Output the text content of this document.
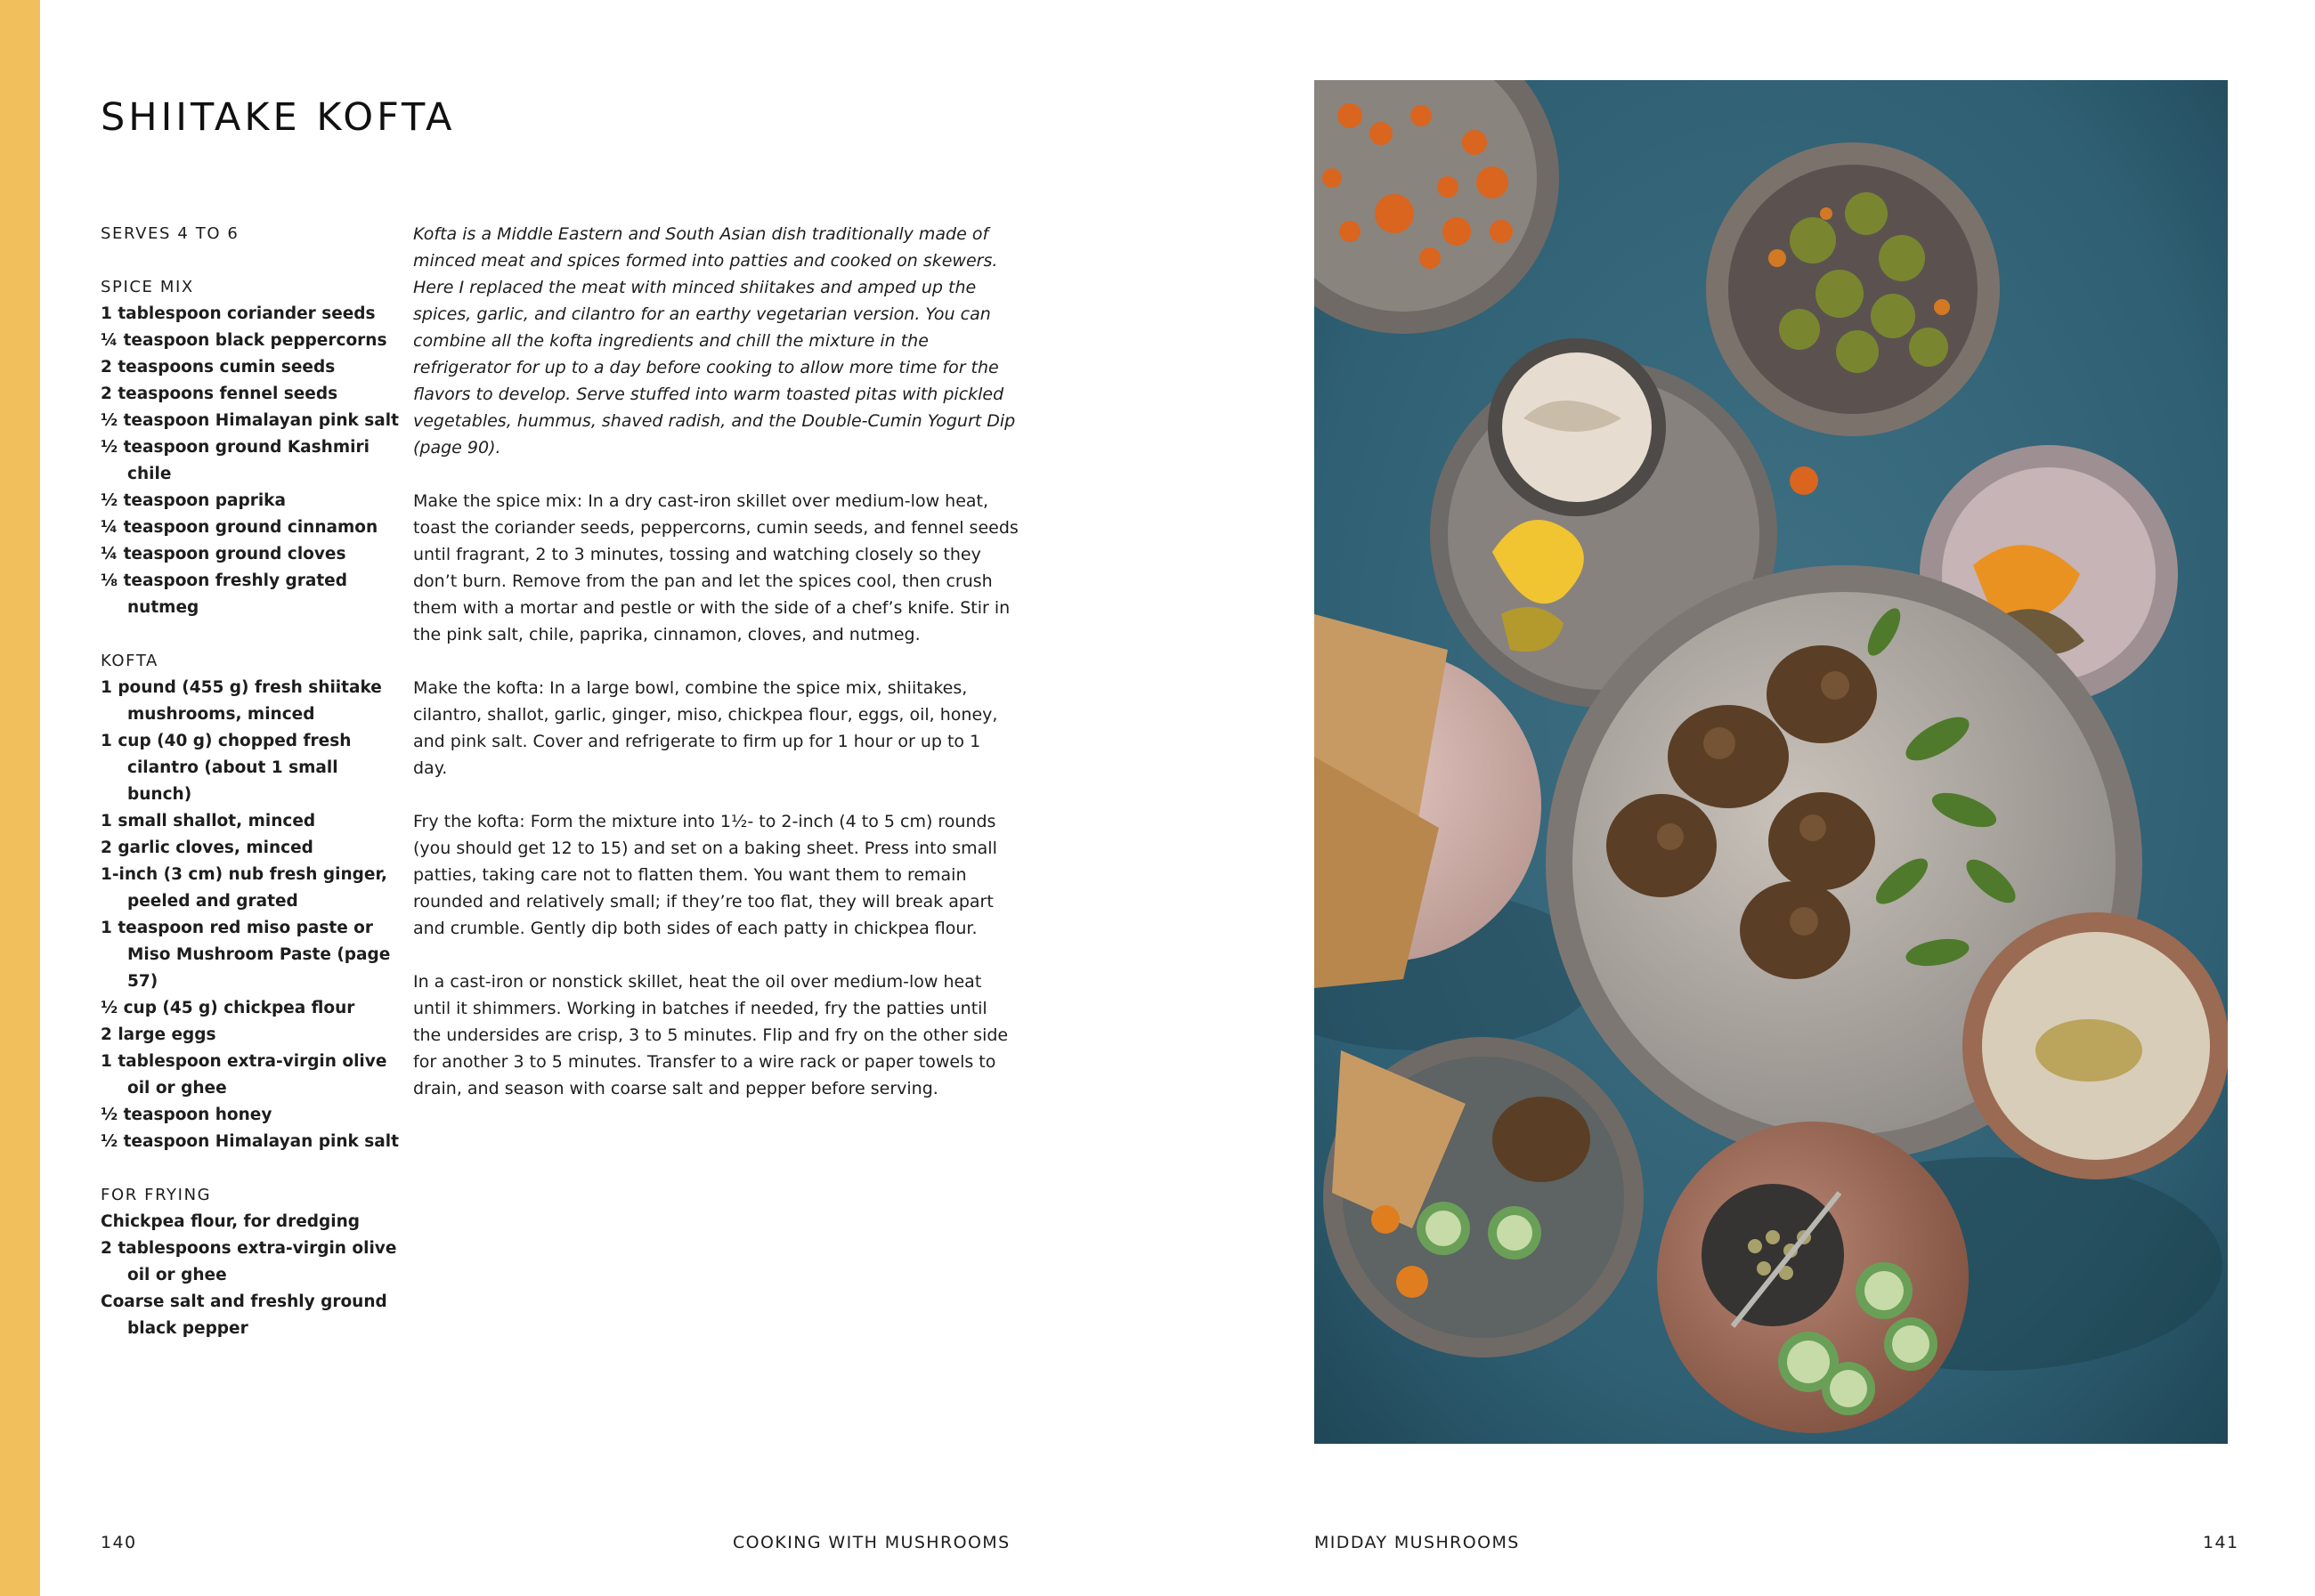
SHIITAKE KOFTA

SERVES 4 TO 6

SPICE MIX

1 tablespoon coriander seeds
¼ teaspoon black peppercorns
2 teaspoons cumin seeds
2 teaspoons fennel seeds
½ teaspoon Himalayan pink salt
½ teaspoon ground Kashmiri chile
½ teaspoon paprika
¼ teaspoon ground cinnamon
¼ teaspoon ground cloves
⅛ teaspoon freshly grated nutmeg

KOFTA

1 pound (455 g) fresh shiitake mushrooms, minced
1 cup (40 g) chopped fresh cilantro (about 1 small bunch)
1 small shallot, minced
2 garlic cloves, minced
1-inch (3 cm) nub fresh ginger, peeled and grated
1 teaspoon red miso paste or Miso Mushroom Paste (page 57)
½ cup (45 g) chickpea flour
2 large eggs
1 tablespoon extra-virgin olive oil or ghee
½ teaspoon honey
½ teaspoon Himalayan pink salt

FOR FRYING

Chickpea flour, for dredging
2 tablespoons extra-virgin olive oil or ghee
Coarse salt and freshly ground black pepper

Kofta is a Middle Eastern and South Asian dish traditionally made of minced meat and spices formed into patties and cooked on skewers. Here I replaced the meat with minced shiitakes and amped up the spices, garlic, and cilantro for an earthy vegetarian version. You can combine all the kofta ingredients and chill the mixture in the refrigerator for up to a day before cooking to allow more time for the flavors to develop. Serve stuffed into warm toasted pitas with pickled vegetables, hummus, shaved radish, and the Double-Cumin Yogurt Dip (page 90).

Make the spice mix: In a dry cast-iron skillet over medium-low heat, toast the coriander seeds, peppercorns, cumin seeds, and fennel seeds until fragrant, 2 to 3 minutes, tossing and watching closely so they don’t burn. Remove from the pan and let the spices cool, then crush them with a mortar and pestle or with the side of a chef’s knife. Stir in the pink salt, chile, paprika, cinnamon, cloves, and nutmeg.

Make the kofta: In a large bowl, combine the spice mix, shiitakes, cilantro, shallot, garlic, ginger, miso, chickpea flour, eggs, oil, honey, and pink salt. Cover and refrigerate to firm up for 1 hour or up to 1 day.

Fry the kofta: Form the mixture into 1½- to 2-inch (4 to 5 cm) rounds (you should get 12 to 15) and set on a baking sheet. Press into small patties, taking care not to flatten them. You want them to remain rounded and relatively small; if they’re too flat, they will break apart and crumble. Gently dip both sides of each patty in chickpea flour.

In a cast-iron or nonstick skillet, heat the oil over medium-low heat until it shimmers. Working in batches if needed, fry the patties until the undersides are crisp, 3 to 5 minutes. Flip and fry on the other side for another 3 to 5 minutes. Transfer to a wire rack or paper towels to drain, and season with coarse salt and pepper before serving.

140	COOKING WITH MUSHROOMS	MIDDAY MUSHROOMS	141
